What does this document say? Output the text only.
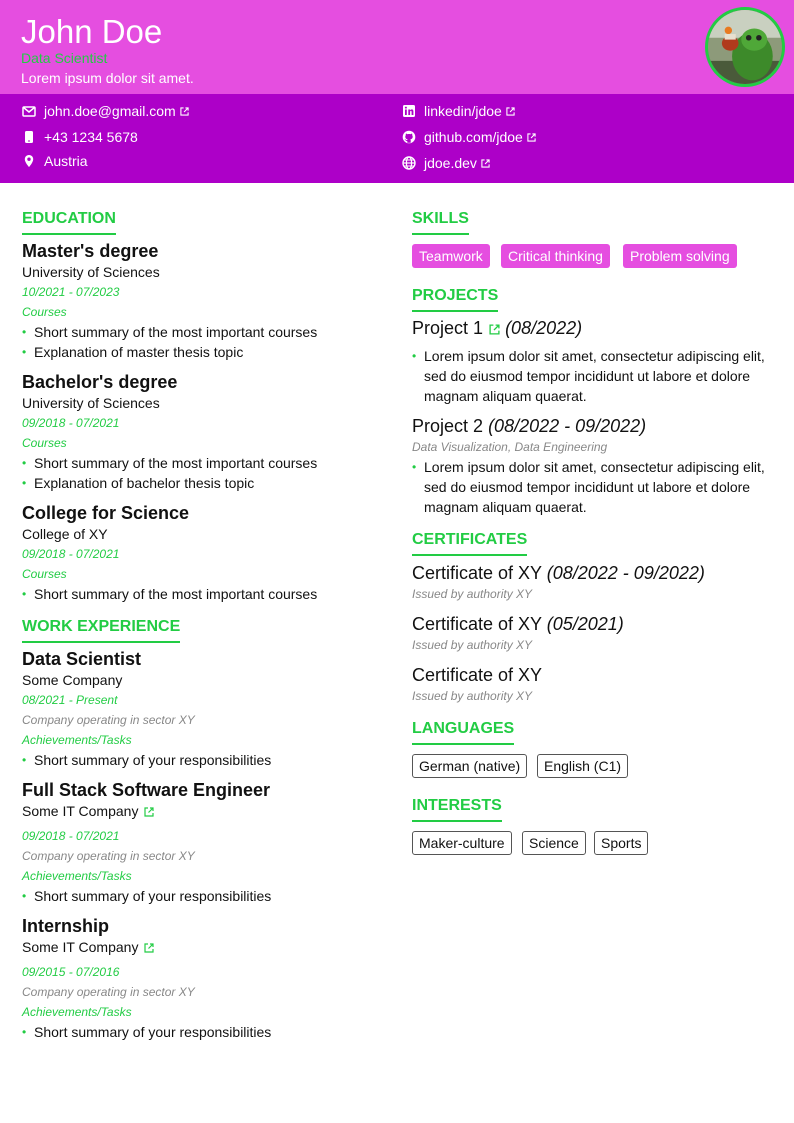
John Doe
Data Scientist
Lorem ipsum dolor sit amet.
john.doe@gmail.com
+43 1234 5678
Austria
linkedin/jdoe
github.com/jdoe
jdoe.dev
EDUCATION
Master's degree
University of Sciences
10/2021 - 07/2023
Courses
• Short summary of the most important courses
• Explanation of master thesis topic
Bachelor's degree
University of Sciences
09/2018 - 07/2021
Courses
• Short summary of the most important courses
• Explanation of bachelor thesis topic
College for Science
College of XY
09/2018 - 07/2021
Courses
• Short summary of the most important courses
WORK EXPERIENCE
Data Scientist
Some Company
08/2021 - Present
Company operating in sector XY
Achievements/Tasks
• Short summary of your responsibilities
Full Stack Software Engineer
Some IT Company
09/2018 - 07/2021
Company operating in sector XY
Achievements/Tasks
• Short summary of your responsibilities
Internship
Some IT Company
09/2015 - 07/2016
Company operating in sector XY
Achievements/Tasks
• Short summary of your responsibilities
SKILLS
Teamwork	Critical thinking	Problem solving
PROJECTS
Project 1 (08/2022)
• Lorem ipsum dolor sit amet, consectetur adipiscing elit, sed do eiusmod tempor incididunt ut labore et dolore magnam aliquam quaerat.
Project 2 (08/2022 - 09/2022)
Data Visualization, Data Engineering
• Lorem ipsum dolor sit amet, consectetur adipiscing elit, sed do eiusmod tempor incididunt ut labore et dolore magnam aliquam quaerat.
CERTIFICATES
Certificate of XY (08/2022 - 09/2022)
Issued by authority XY
Certificate of XY (05/2021)
Issued by authority XY
Certificate of XY
Issued by authority XY
LANGUAGES
German (native)	English (C1)
INTERESTS
Maker-culture	Science	Sports
